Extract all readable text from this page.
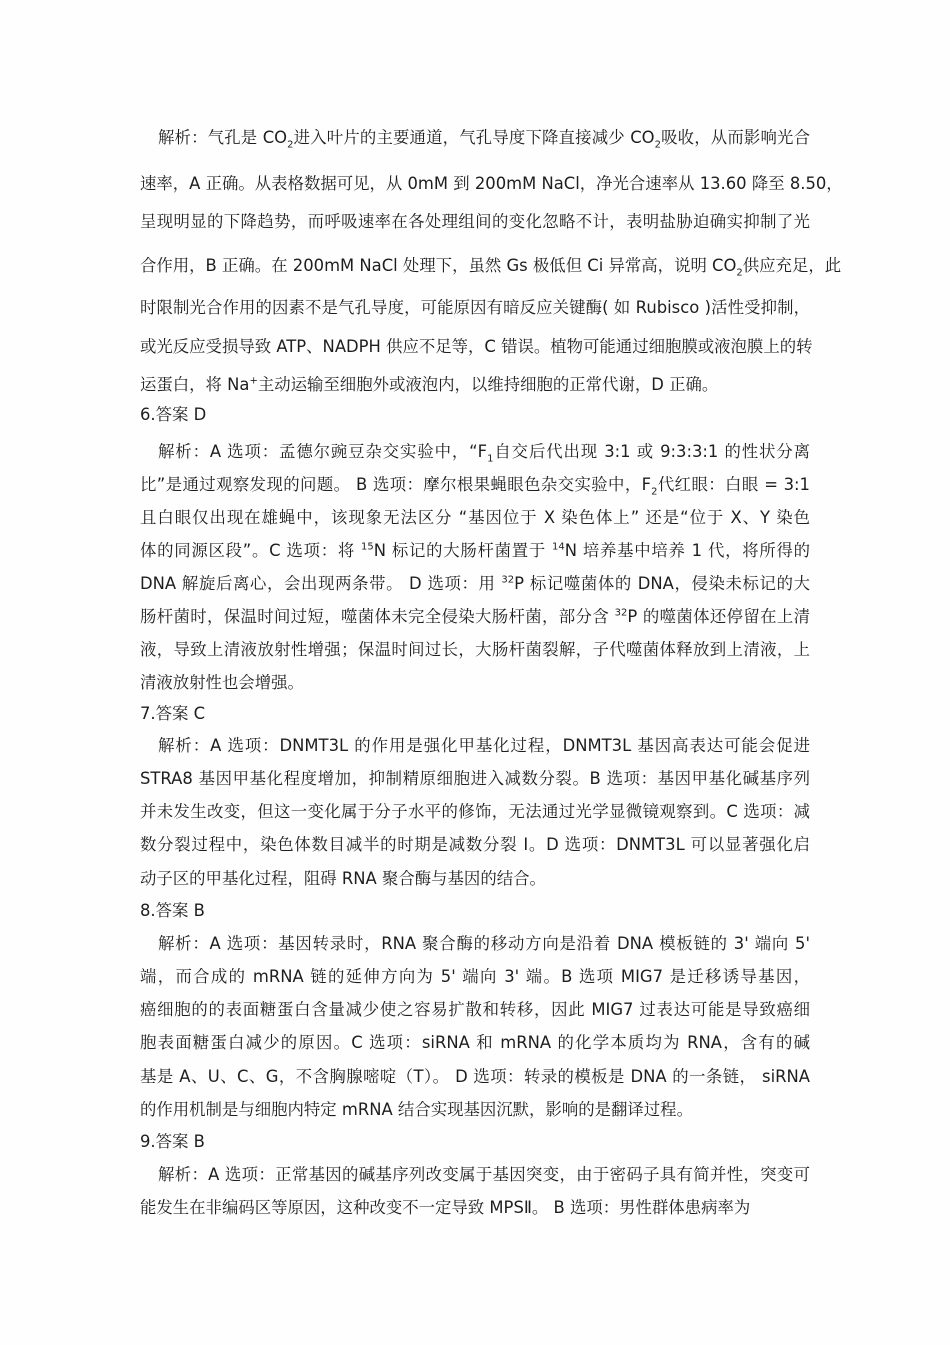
解析：气孔是 $CO_2$进入叶片的主要通道，气孔导度下降直接减少 $CO_2$吸收，从而影响光合
速率，A 正确。从表格数据可见，从 0mM 到 200mM NaCl，净光合速率从 13.60 降至 8.50，
呈现明显的下降趋势，而呼吸速率在各处理组间的变化忽略不计，表明盐胁迫确实抑制了光
合作用，B 正确。在 200mM NaCl 处理下，虽然 Gs 极低但 Ci 异常高，说明 $CO_2$供应充足，此
时限制光合作用的因素不是气孔导度，可能原因有暗反应关键酶( 如 Rubisco )活性受抑制，
或光反应受损导致 ATP、NADPH 供应不足等，C 错误。植物可能通过细胞膜或液泡膜上的转
运蛋白，将 Na+主动运输至细胞外或液泡内，以维持细胞的正常代谢，D 正确。
6.答案 D
解析：A 选项：孟德尔豌豆杂交实验中，“$F_1$自交后代出现 3:1 或 9:3:3:1 的性状分离
比”是通过观察发现的问题。 B 选项：摩尔根果蝇眼色杂交实验中，$F_2$代红眼：白眼 = 3:1
且白眼仅出现在雄蝇中，该现象无法区分 “基因位于 X 染色体上” 还是“位于 X、Y 染色
体的同源区段”。C 选项：将 $^{15}$N 标记的大肠杆菌置于 $^{14}$N 培养基中培养 1 代，将所得的
DNA 解旋后离心，会出现两条带。 D 选项：用 $^{32}$P 标记噬菌体的 DNA，侵染未标记的大
肠杆菌时，保温时间过短，噬菌体未完全侵染大肠杆菌，部分含 $^{32}$P 的噬菌体还停留在上清
液，导致上清液放射性增强；保温时间过长，大肠杆菌裂解，子代噬菌体释放到上清液，上
清液放射性也会增强。
7.答案 C
解析：A 选项：DNMT3L 的作用是强化甲基化过程，DNMT3L 基因高表达可能会促进
STRA8 基因甲基化程度增加，抑制精原细胞进入减数分裂。B 选项：基因甲基化碱基序列
并未发生改变，但这一变化属于分子水平的修饰，无法通过光学显微镜观察到。C 选项：减
数分裂过程中，染色体数目减半的时期是减数分裂 Ⅰ。D 选项：DNMT3L 可以显著强化启
动子区的甲基化过程，阻碍 RNA 聚合酶与基因的结合。
8.答案 B
解析：A 选项：基因转录时，RNA 聚合酶的移动方向是沿着 DNA 模板链的 3' 端向 5'
端，而合成的 mRNA 链的延伸方向为 5' 端向 3' 端。B 选项 MIG7 是迁移诱导基因，
癌细胞的的表面糖蛋白含量减少使之容易扩散和转移，因此 MIG7 过表达可能是导致癌细
胞表面糖蛋白减少的原因。C 选项：siRNA 和 mRNA 的化学本质均为 RNA，含有的碱
基是 A、U、C、G，不含胸腺嘧啶（T）。 D 选项：转录的模板是 DNA 的一条链， siRNA
的作用机制是与细胞内特定 mRNA 结合实现基因沉默，影响的是翻译过程。
9.答案 B
解析：A 选项：正常基因的碱基序列改变属于基因突变，由于密码子具有简并性，突变可
能发生在非编码区等原因，这种改变不一定导致 MPSⅡ。 B 选项：男性群体患病率为
